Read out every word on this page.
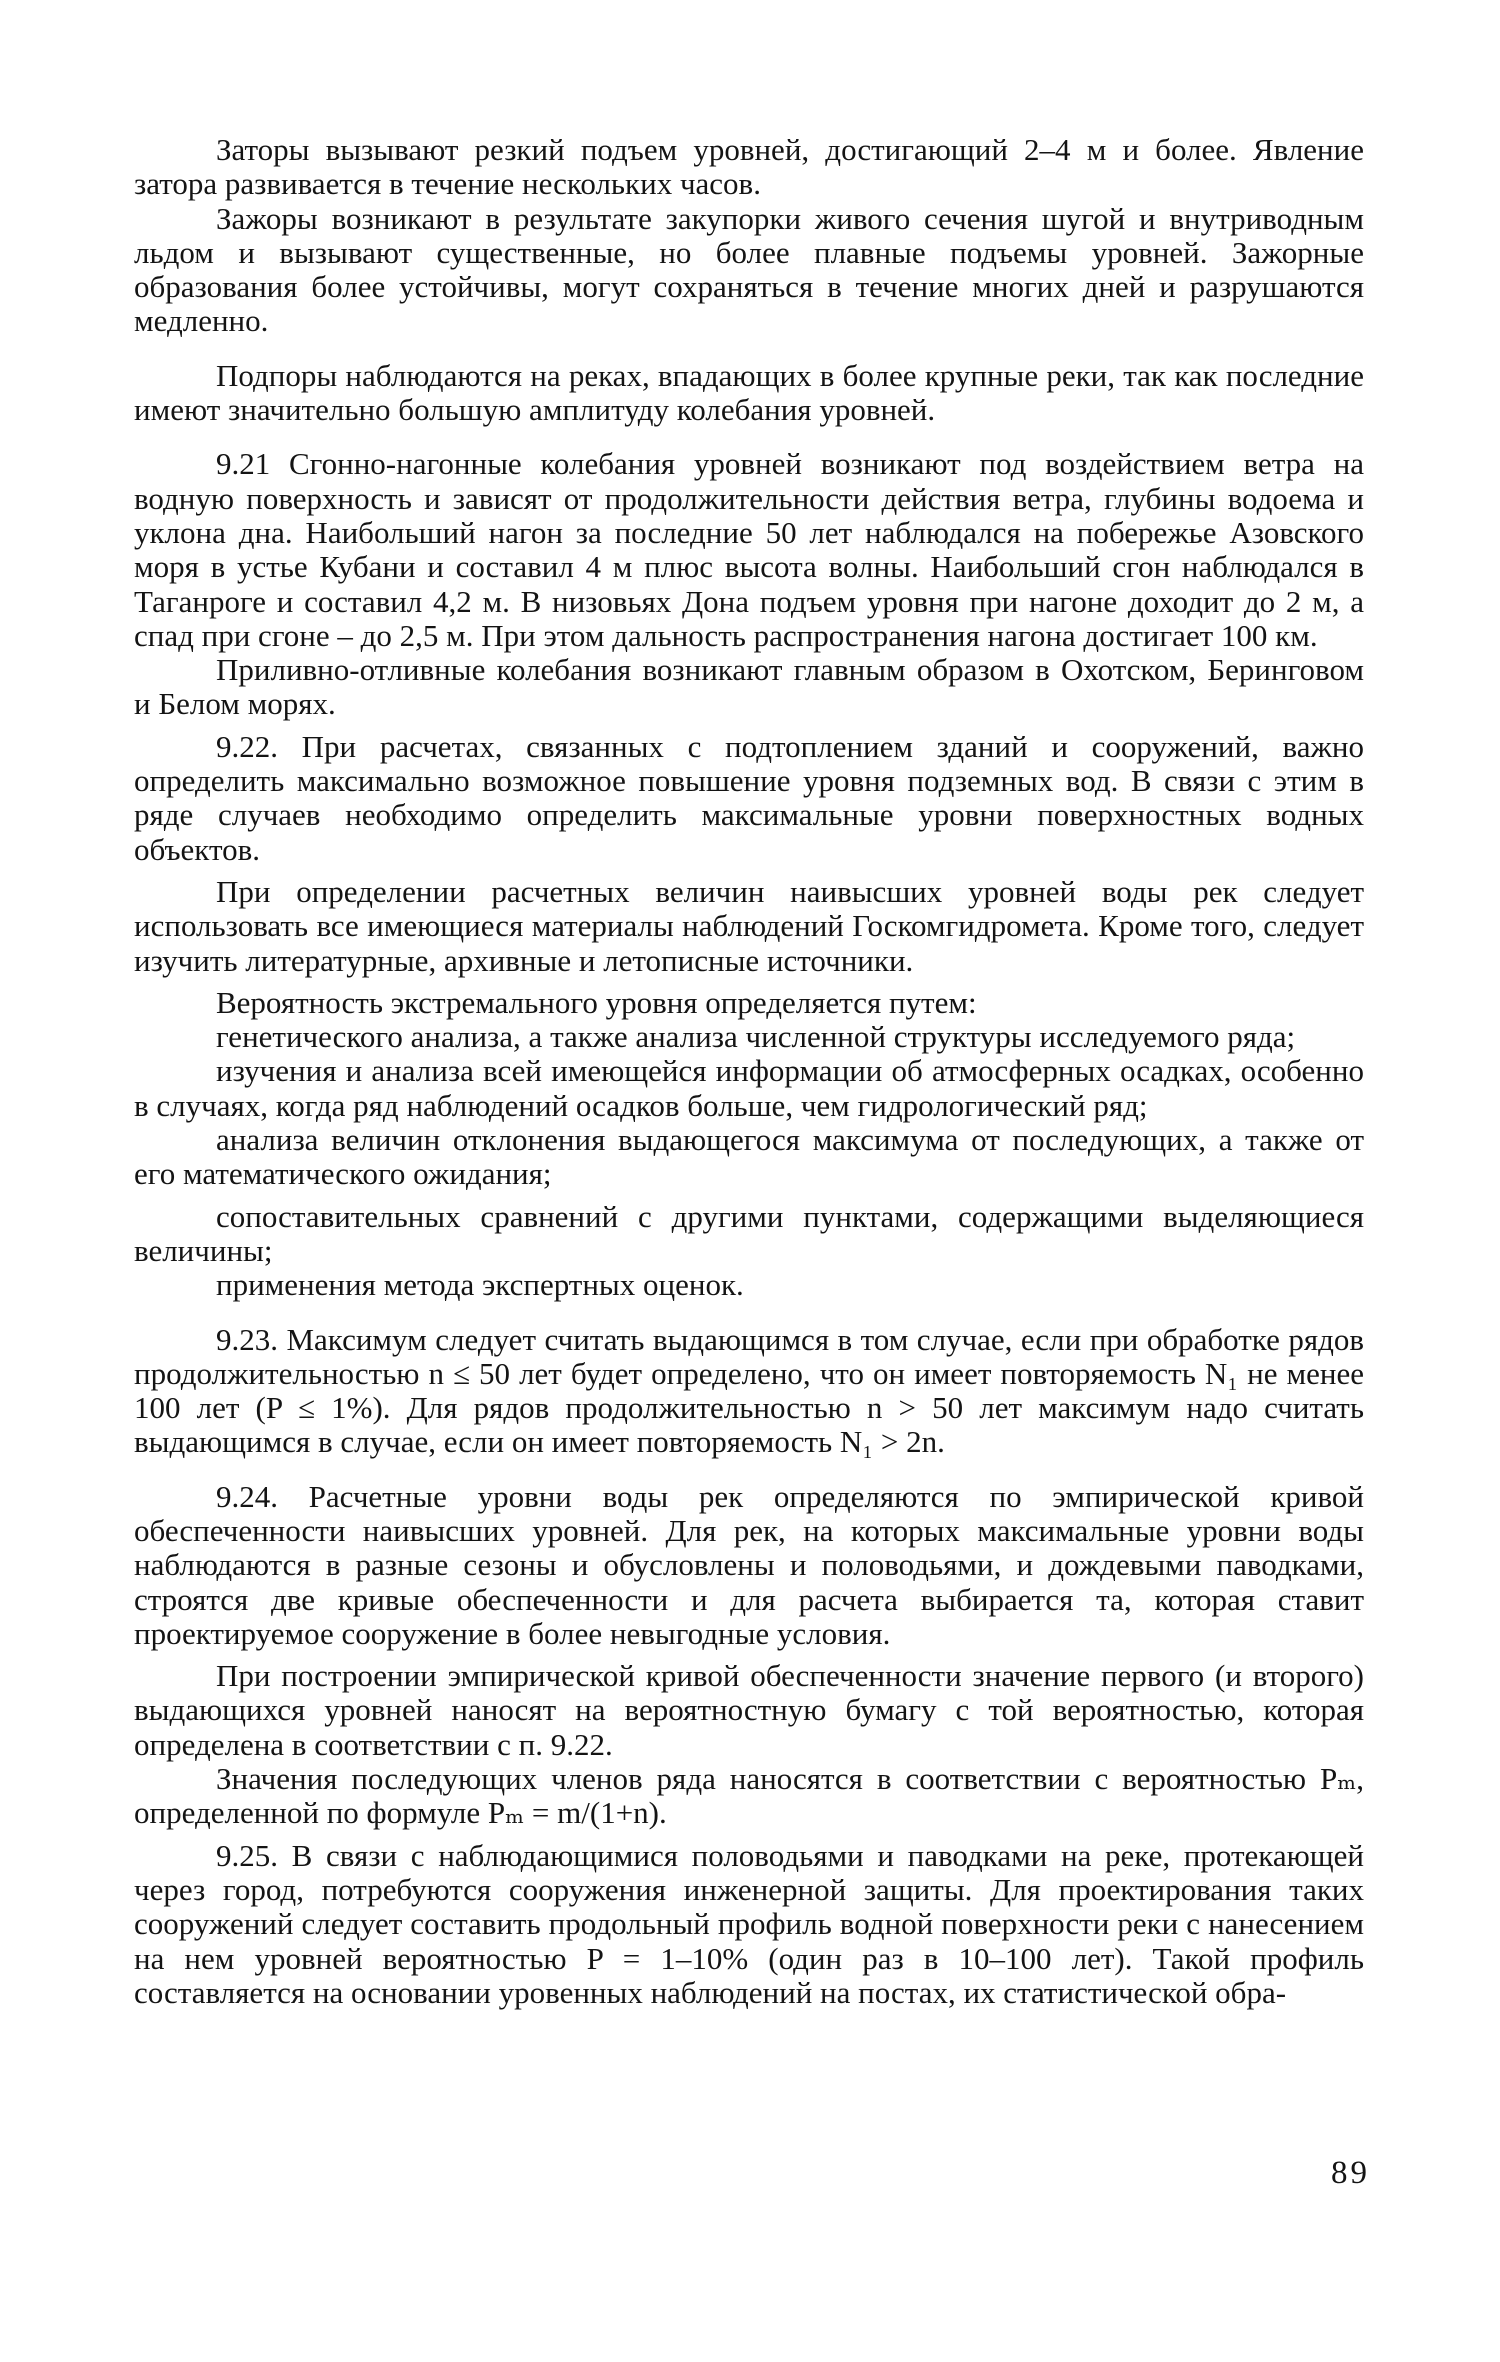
Заторы вызывают резкий подъем уровней, достигающий 2–4 м и более. Явление затора развивается в течение нескольких часов.

Зажоры возникают в результате закупорки живого сечения шугой и внутриводным льдом и вызывают существенные, но более плавные подъемы уровней. Зажорные образования более устойчивы, могут сохраняться в течение многих дней и разрушаются медленно.

Подпоры наблюдаются на реках, впадающих в более крупные реки, так как последние имеют значительно большую амплитуду колебания уровней.

9.21 Сгонно-нагонные колебания уровней возникают под воздействием ветра на водную поверхность и зависят от продолжительности действия ветра, глубины водоема и уклона дна. Наибольший нагон за последние 50 лет наблюдался на побережье Азовского моря в устье Кубани и составил 4 м плюс высота волны. Наибольший сгон наблюдался в Таганроге и составил 4,2 м. В низовьях Дона подъем уровня при нагоне доходит до 2 м, а спад при сгоне – до 2,5 м. При этом дальность распространения нагона достигает 100 км.

Приливно-отливные колебания возникают главным образом в Охотском, Беринговом и Белом морях.

9.22. При расчетах, связанных с подтоплением зданий и сооружений, важно определить максимально возможное повышение уровня подземных вод. В связи с этим в ряде случаев необходимо определить максимальные уровни поверхностных водных объектов.

При определении расчетных величин наивысших уровней воды рек следует использовать все имеющиеся материалы наблюдений Госкомгидромета. Кроме того, следует изучить литературные, архивные и летописные источники.

Вероятность экстремального уровня определяется путем:

генетического анализа, а также анализа численной структуры исследуемого ряда;

изучения и анализа всей имеющейся информации об атмосферных осадках, особенно в случаях, когда ряд наблюдений осадков больше, чем гидрологический ряд;

анализа величин отклонения выдающегося максимума от последующих, а также от его математического ожидания;

сопоставительных сравнений с другими пунктами, содержащими выделяющиеся величины;

применения метода экспертных оценок.

9.23. Максимум следует считать выдающимся в том случае, если при обработке рядов продолжительностью n ≤ 50 лет будет определено, что он имеет повторяемость N₁ не менее 100 лет (P ≤ 1%). Для рядов продолжительностью n > 50 лет максимум надо считать выдающимся в случае, если он имеет повторяемость N₁ > 2n.

9.24. Расчетные уровни воды рек определяются по эмпирической кривой обеспеченности наивысших уровней. Для рек, на которых максимальные уровни воды наблюдаются в разные сезоны и обусловлены и половодьями, и дождевыми паводками, строятся две кривые обеспеченности и для расчета выбирается та, которая ставит проектируемое сооружение в более невыгодные условия.

При построении эмпирической кривой обеспеченности значение первого (и второго) выдающихся уровней наносят на вероятностную бумагу с той вероятностью, которая определена в соответствии с п. 9.22.

Значения последующих членов ряда наносятся в соответствии с вероятностью Pₘ, определенной по формуле Pₘ = m/(1+n).

9.25. В связи с наблюдающимися половодьями и паводками на реке, протекающей через город, потребуются сооружения инженерной защиты. Для проектирования таких сооружений следует составить продольный профиль водной поверхности реки с нанесением на нем уровней вероятностью P = 1–10% (один раз в 10–100 лет). Такой профиль составляется на основании уровенных наблюдений на постах, их статистической обра-

89
